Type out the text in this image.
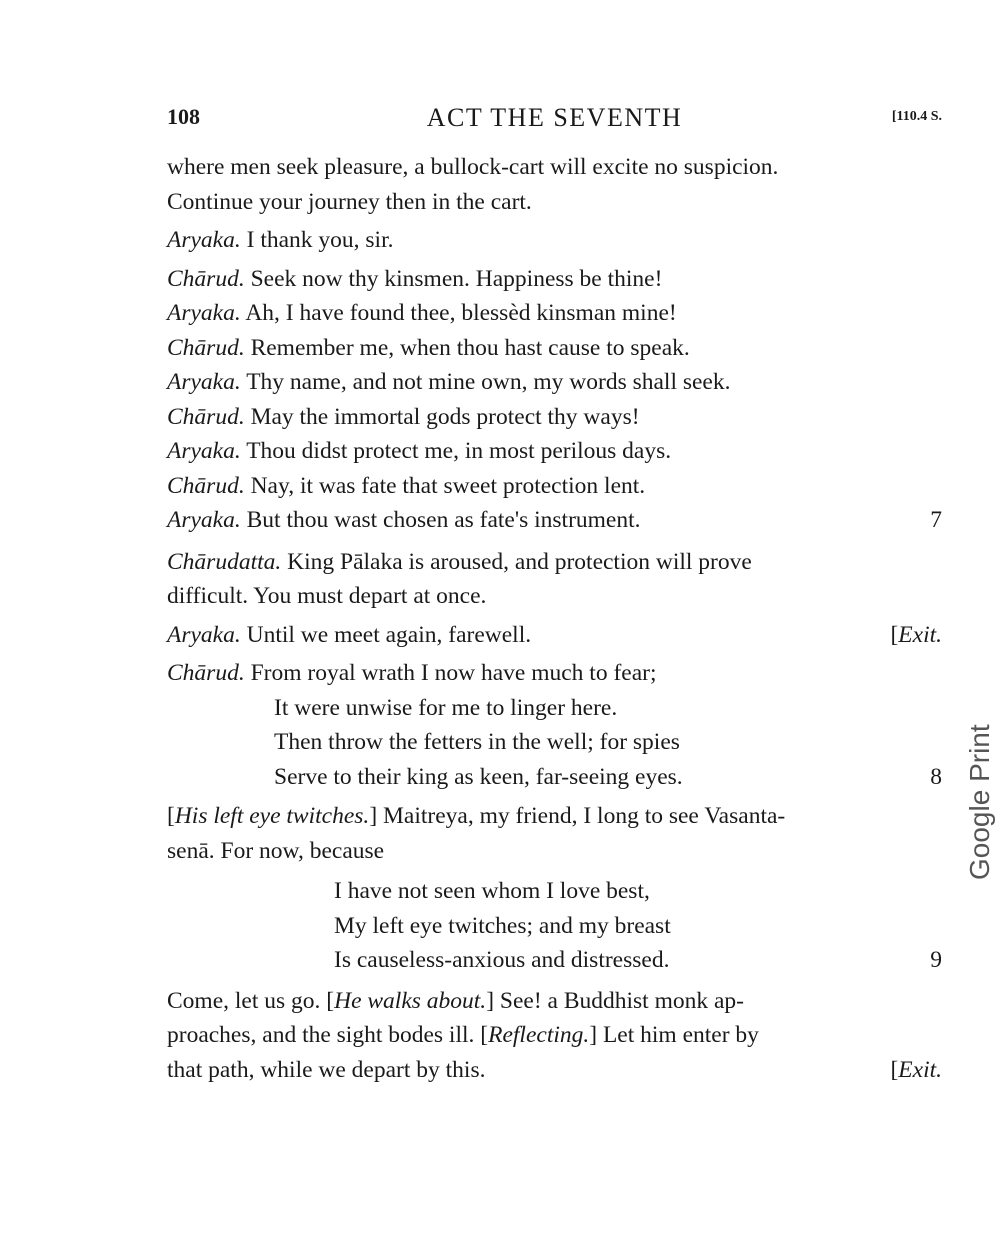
108	ACT THE SEVENTH	[110.4 S.
where men seek pleasure, a bullock-cart will excite no suspicion.
Continue your journey then in the cart.
Aryaka. I thank you, sir.
Chārud. Seek now thy kinsmen. Happiness be thine!
Aryaka. Ah, I have found thee, blessèd kinsman mine!
Chārud. Remember me, when thou hast cause to speak.
Aryaka. Thy name, and not mine own, my words shall seek.
Chārud. May the immortal gods protect thy ways!
Aryaka. Thou didst protect me, in most perilous days.
Chārud. Nay, it was fate that sweet protection lent.
Aryaka. But thou wast chosen as fate's instrument.	7
Chārudatta. King Pālaka is aroused, and protection will prove
difficult. You must depart at once.
Aryaka. Until we meet again, farewell.	[Exit.
Chārud. From royal wrath I now have much to fear;
It were unwise for me to linger here.
Then throw the fetters in the well; for spies
Serve to their king as keen, far-seeing eyes.	8
[His left eye twitches.] Maitreya, my friend, I long to see Vasanta-
senā. For now, because
I have not seen whom I love best,
My left eye twitches; and my breast
Is causeless-anxious and distressed.	9
Come, let us go. [He walks about.] See! a Buddhist monk ap-
proaches, and the sight bodes ill. [Reflecting.] Let him enter by
that path, while we depart by this.	[Exit.
Google Print
